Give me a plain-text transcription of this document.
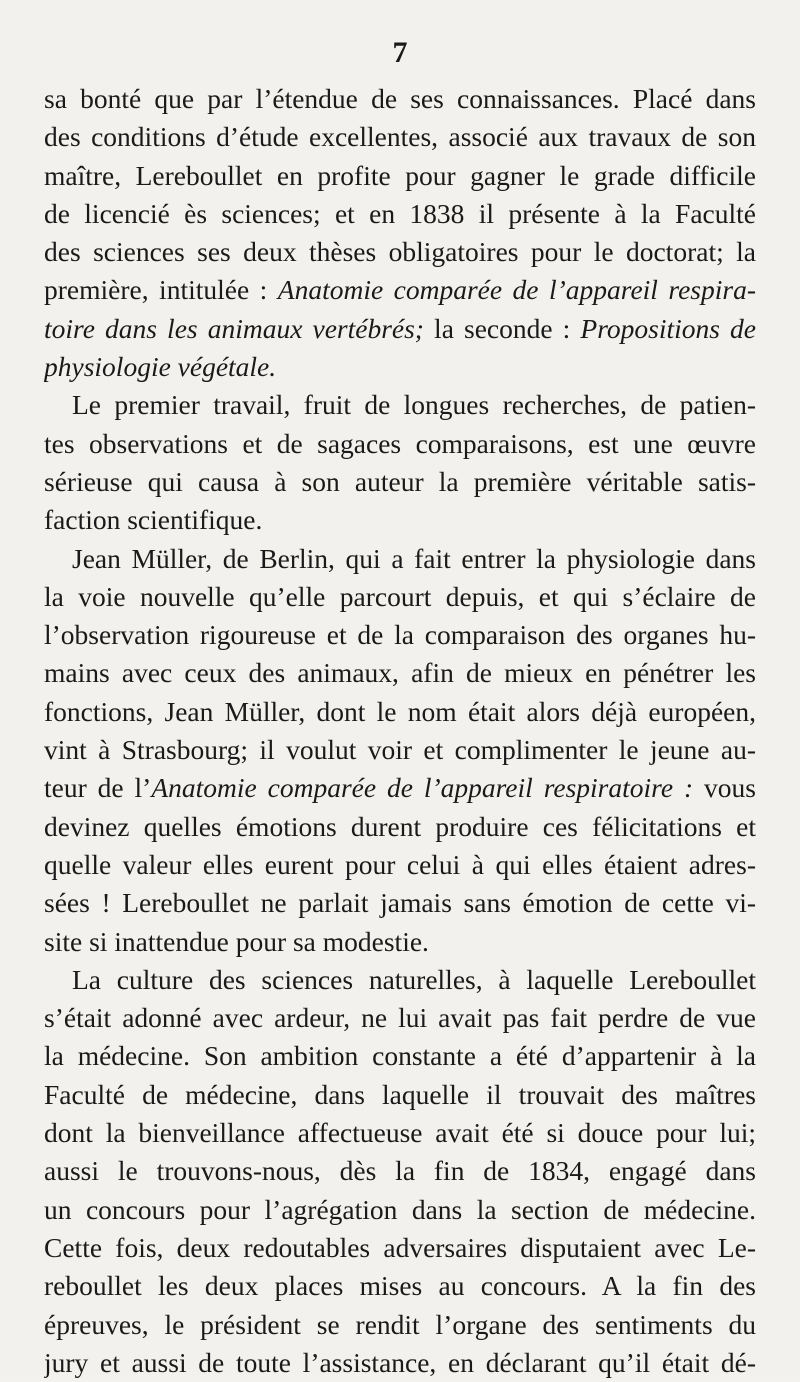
7

sa bonté que par l’étendue de ses connaissances. Placé dans
des conditions d’étude excellentes, associé aux travaux de son
maître, Lereboullet en profite pour gagner le grade difficile
de licencié ès sciences; et en 1838 il présente à la Faculté
des sciences ses deux thèses obligatoires pour le doctorat; la
première, intitulée : Anatomie comparée de l’appareil respira-
toire dans les animaux vertébrés; la seconde : Propositions de
physiologie végétale.

Le premier travail, fruit de longues recherches, de patien-
tes observations et de sagaces comparaisons, est une œuvre
sérieuse qui causa à son auteur la première véritable satis-
faction scientifique.

Jean Müller, de Berlin, qui a fait entrer la physiologie dans
la voie nouvelle qu’elle parcourt depuis, et qui s’éclaire de
l’observation rigoureuse et de la comparaison des organes hu-
mains avec ceux des animaux, afin de mieux en pénétrer les
fonctions, Jean Müller, dont le nom était alors déjà européen,
vint à Strasbourg; il voulut voir et complimenter le jeune au-
teur de l’Anatomie comparée de l’appareil respiratoire : vous
devinez quelles émotions durent produire ces félicitations et
quelle valeur elles eurent pour celui à qui elles étaient adres-
sées ! Lereboullet ne parlait jamais sans émotion de cette vi-
site si inattendue pour sa modestie.

La culture des sciences naturelles, à laquelle Lereboullet
s’était adonné avec ardeur, ne lui avait pas fait perdre de vue
la médecine. Son ambition constante a été d’appartenir à la
Faculté de médecine, dans laquelle il trouvait des maîtres
dont la bienveillance affectueuse avait été si douce pour lui;
aussi le trouvons-nous, dès la fin de 1834, engagé dans
un concours pour l’agrégation dans la section de médecine.
Cette fois, deux redoutables adversaires disputaient avec Le-
reboullet les deux places mises au concours. A la fin des
épreuves, le président se rendit l’organe des sentiments du
jury et aussi de toute l’assistance, en déclarant qu’il était dé-
